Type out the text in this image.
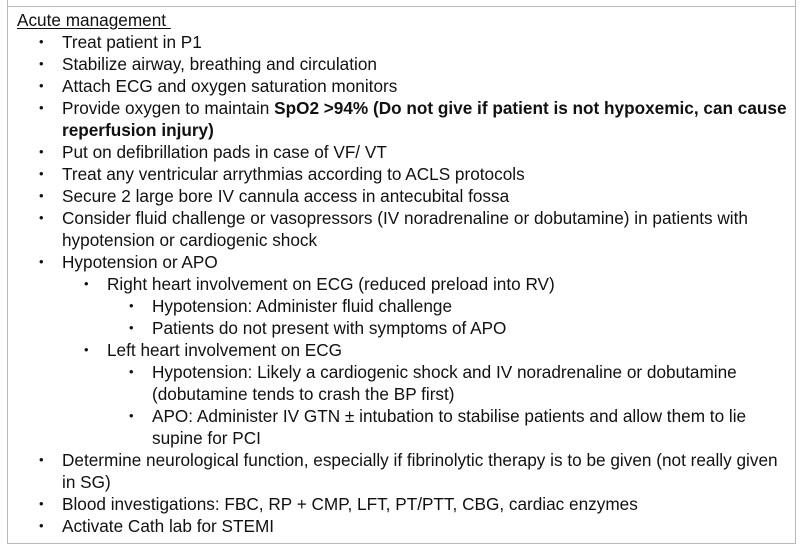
Acute management
• Treat patient in P1
• Stabilize airway, breathing and circulation
• Attach ECG and oxygen saturation monitors
• Provide oxygen to maintain SpO2 >94% (Do not give if patient is not hypoxemic, can cause reperfusion injury)
• Put on defibrillation pads in case of VF/ VT
• Treat any ventricular arrythmias according to ACLS protocols
• Secure 2 large bore IV cannula access in antecubital fossa
• Consider fluid challenge or vasopressors (IV noradrenaline or dobutamine) in patients with hypotension or cardiogenic shock
• Hypotension or APO
• Right heart involvement on ECG (reduced preload into RV)
• Hypotension: Administer fluid challenge
• Patients do not present with symptoms of APO
• Left heart involvement on ECG
• Hypotension: Likely a cardiogenic shock and IV noradrenaline or dobutamine (dobutamine tends to crash the BP first)
• APO: Administer IV GTN ± intubation to stabilise patients and allow them to lie supine for PCI
• Determine neurological function, especially if fibrinolytic therapy is to be given (not really given in SG)
• Blood investigations: FBC, RP + CMP, LFT, PT/PTT, CBG, cardiac enzymes
• Activate Cath lab for STEMI
